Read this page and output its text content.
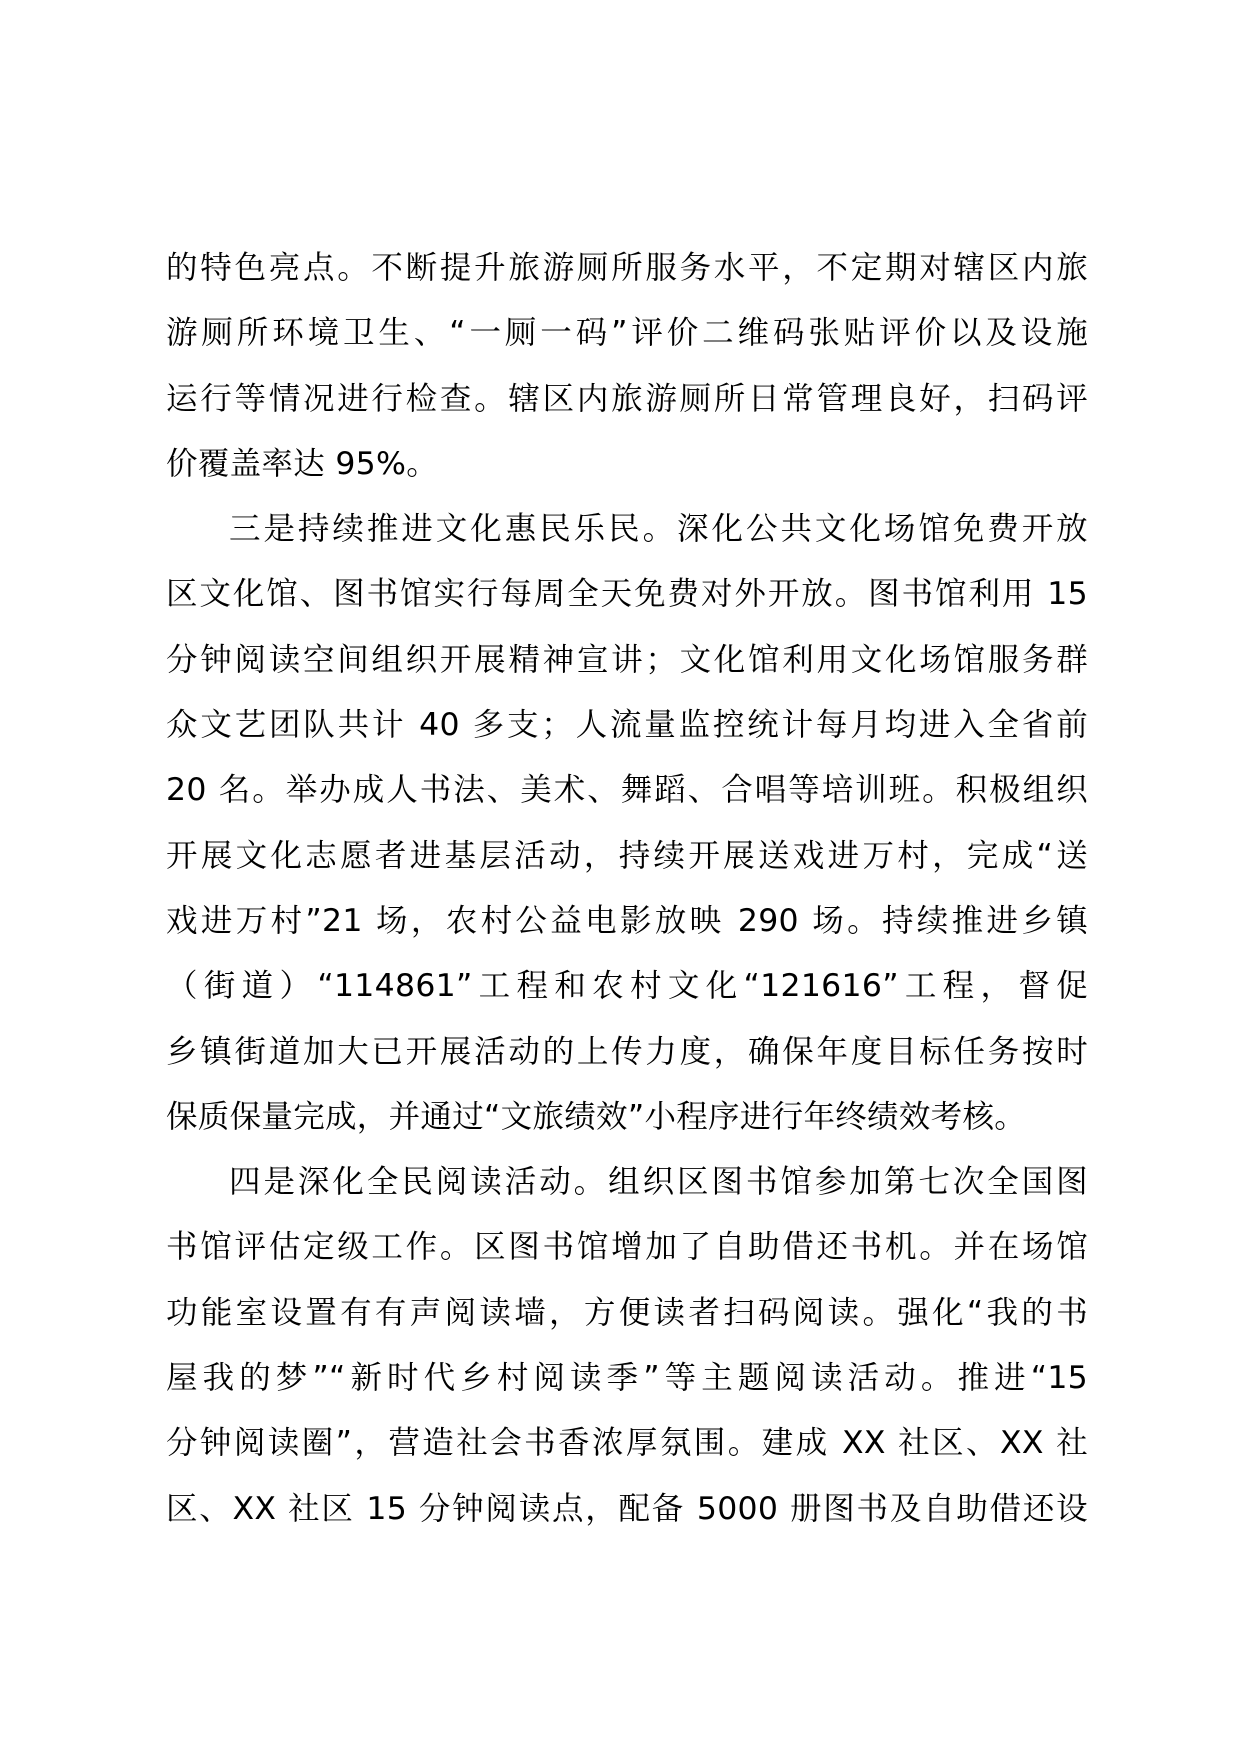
的特色亮点。不断提升旅游厕所服务水平，不定期对辖区内旅
游厕所环境卫生、“一厕一码”评价二维码张贴评价以及设施
运行等情况进行检查。辖区内旅游厕所日常管理良好，扫码评
价覆盖率达 95%。
三是持续推进文化惠民乐民。深化公共文化场馆免费开放
区文化馆、图书馆实行每周全天免费对外开放。图书馆利用 15
分钟阅读空间组织开展精神宣讲；文化馆利用文化场馆服务群
众文艺团队共计 40 多支；人流量监控统计每月均进入全省前
20 名。举办成人书法、美术、舞蹈、合唱等培训班。积极组织
开展文化志愿者进基层活动，持续开展送戏进万村，完成“送
戏进万村”21 场，农村公益电影放映 290 场。持续推进乡镇
（街道）“114861”工程和农村文化“121616”工程，督促
乡镇街道加大已开展活动的上传力度，确保年度目标任务按时
保质保量完成，并通过“文旅绩效”小程序进行年终绩效考核。
四是深化全民阅读活动。组织区图书馆参加第七次全国图
书馆评估定级工作。区图书馆增加了自助借还书机。并在场馆
功能室设置有有声阅读墙，方便读者扫码阅读。强化“我的书
屋我的梦”“新时代乡村阅读季”等主题阅读活动。推进“15
分钟阅读圈”，营造社会书香浓厚氛围。建成 XX 社区、XX 社
区、XX 社区 15 分钟阅读点，配备 5000 册图书及自助借还设
